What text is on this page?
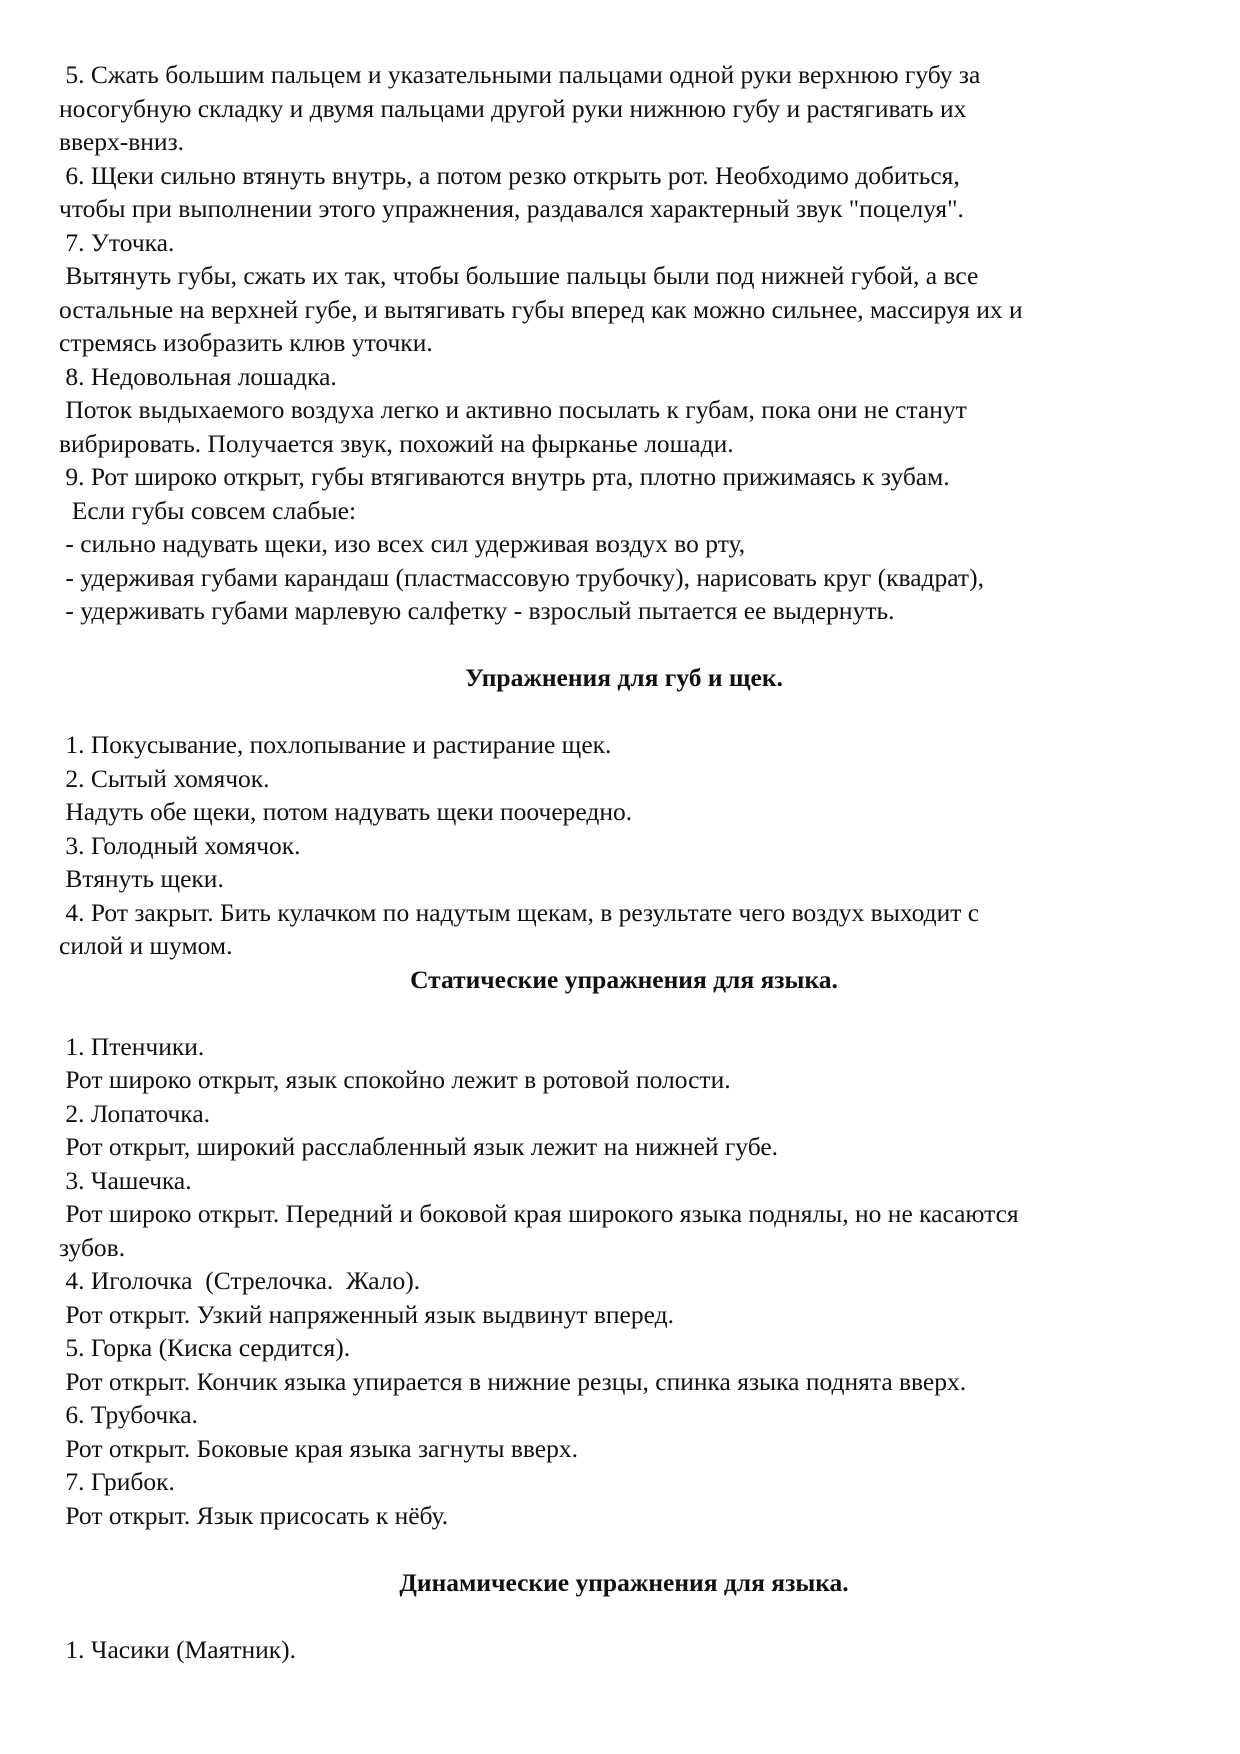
5. Сжать большим пальцем и указательными пальцами одной руки верхнюю губу за

носогубную складку и двумя пальцами другой руки нижнюю губу и растягивать их

вверх-вниз.

6. Щеки сильно втянуть внутрь, а потом резко открыть рот. Необходимо добиться,

чтобы при выполнении этого упражнения, раздавался характерный звук "поцелуя".

7. Уточка.

Вытянуть губы, сжать их так, чтобы большие пальцы были под нижней губой, а все

остальные на верхней губе, и вытягивать губы вперед как можно сильнее, массируя их и

стремясь изобразить клюв уточки.

8. Недовольная лошадка.

Поток выдыхаемого воздуха легко и активно посылать к губам, пока они не станут

вибрировать. Получается звук, похожий на фырканье лошади.

9. Рот широко открыт, губы втягиваются внутрь рта, плотно прижимаясь к зубам.

Если губы совсем слабые:

- сильно надувать щеки, изо всех сил удерживая воздух во рту,

- удерживая губами карандаш (пластмассовую трубочку), нарисовать круг (квадрат),

- удерживать губами марлевую салфетку - взрослый пытается ее выдернуть.

Упражнения для губ и щек.

1. Покусывание, похлопывание и растирание щек.

2. Сытый хомячок.

Надуть обе щеки, потом надувать щеки поочередно.

3. Голодный хомячок.

Втянуть щеки.

4. Рот закрыт. Бить кулачком по надутым щекам, в результате чего воздух выходит с

силой и шумом.

Статические упражнения для языка.

1. Птенчики.

Рот широко открыт, язык спокойно лежит в ротовой полости.

2. Лопаточка.

Рот открыт, широкий расслабленный язык лежит на нижней губе.

3. Чашечка.

Рот широко открыт. Передний и боковой края широкого языка поднялы, но не касаются

зубов.

4. Иголочка  (Стрелочка.  Жало).

Рот открыт. Узкий напряженный язык выдвинут вперед.

5. Горка (Киска сердится).

Рот открыт. Кончик языка упирается в нижние резцы, спинка языка поднята вверх.

6. Трубочка.

Рот открыт. Боковые края языка загнуты вверх.

7. Грибок.

Рот открыт. Язык присосать к нёбу.

Динамические упражнения для языка.

1. Часики (Маятник).
